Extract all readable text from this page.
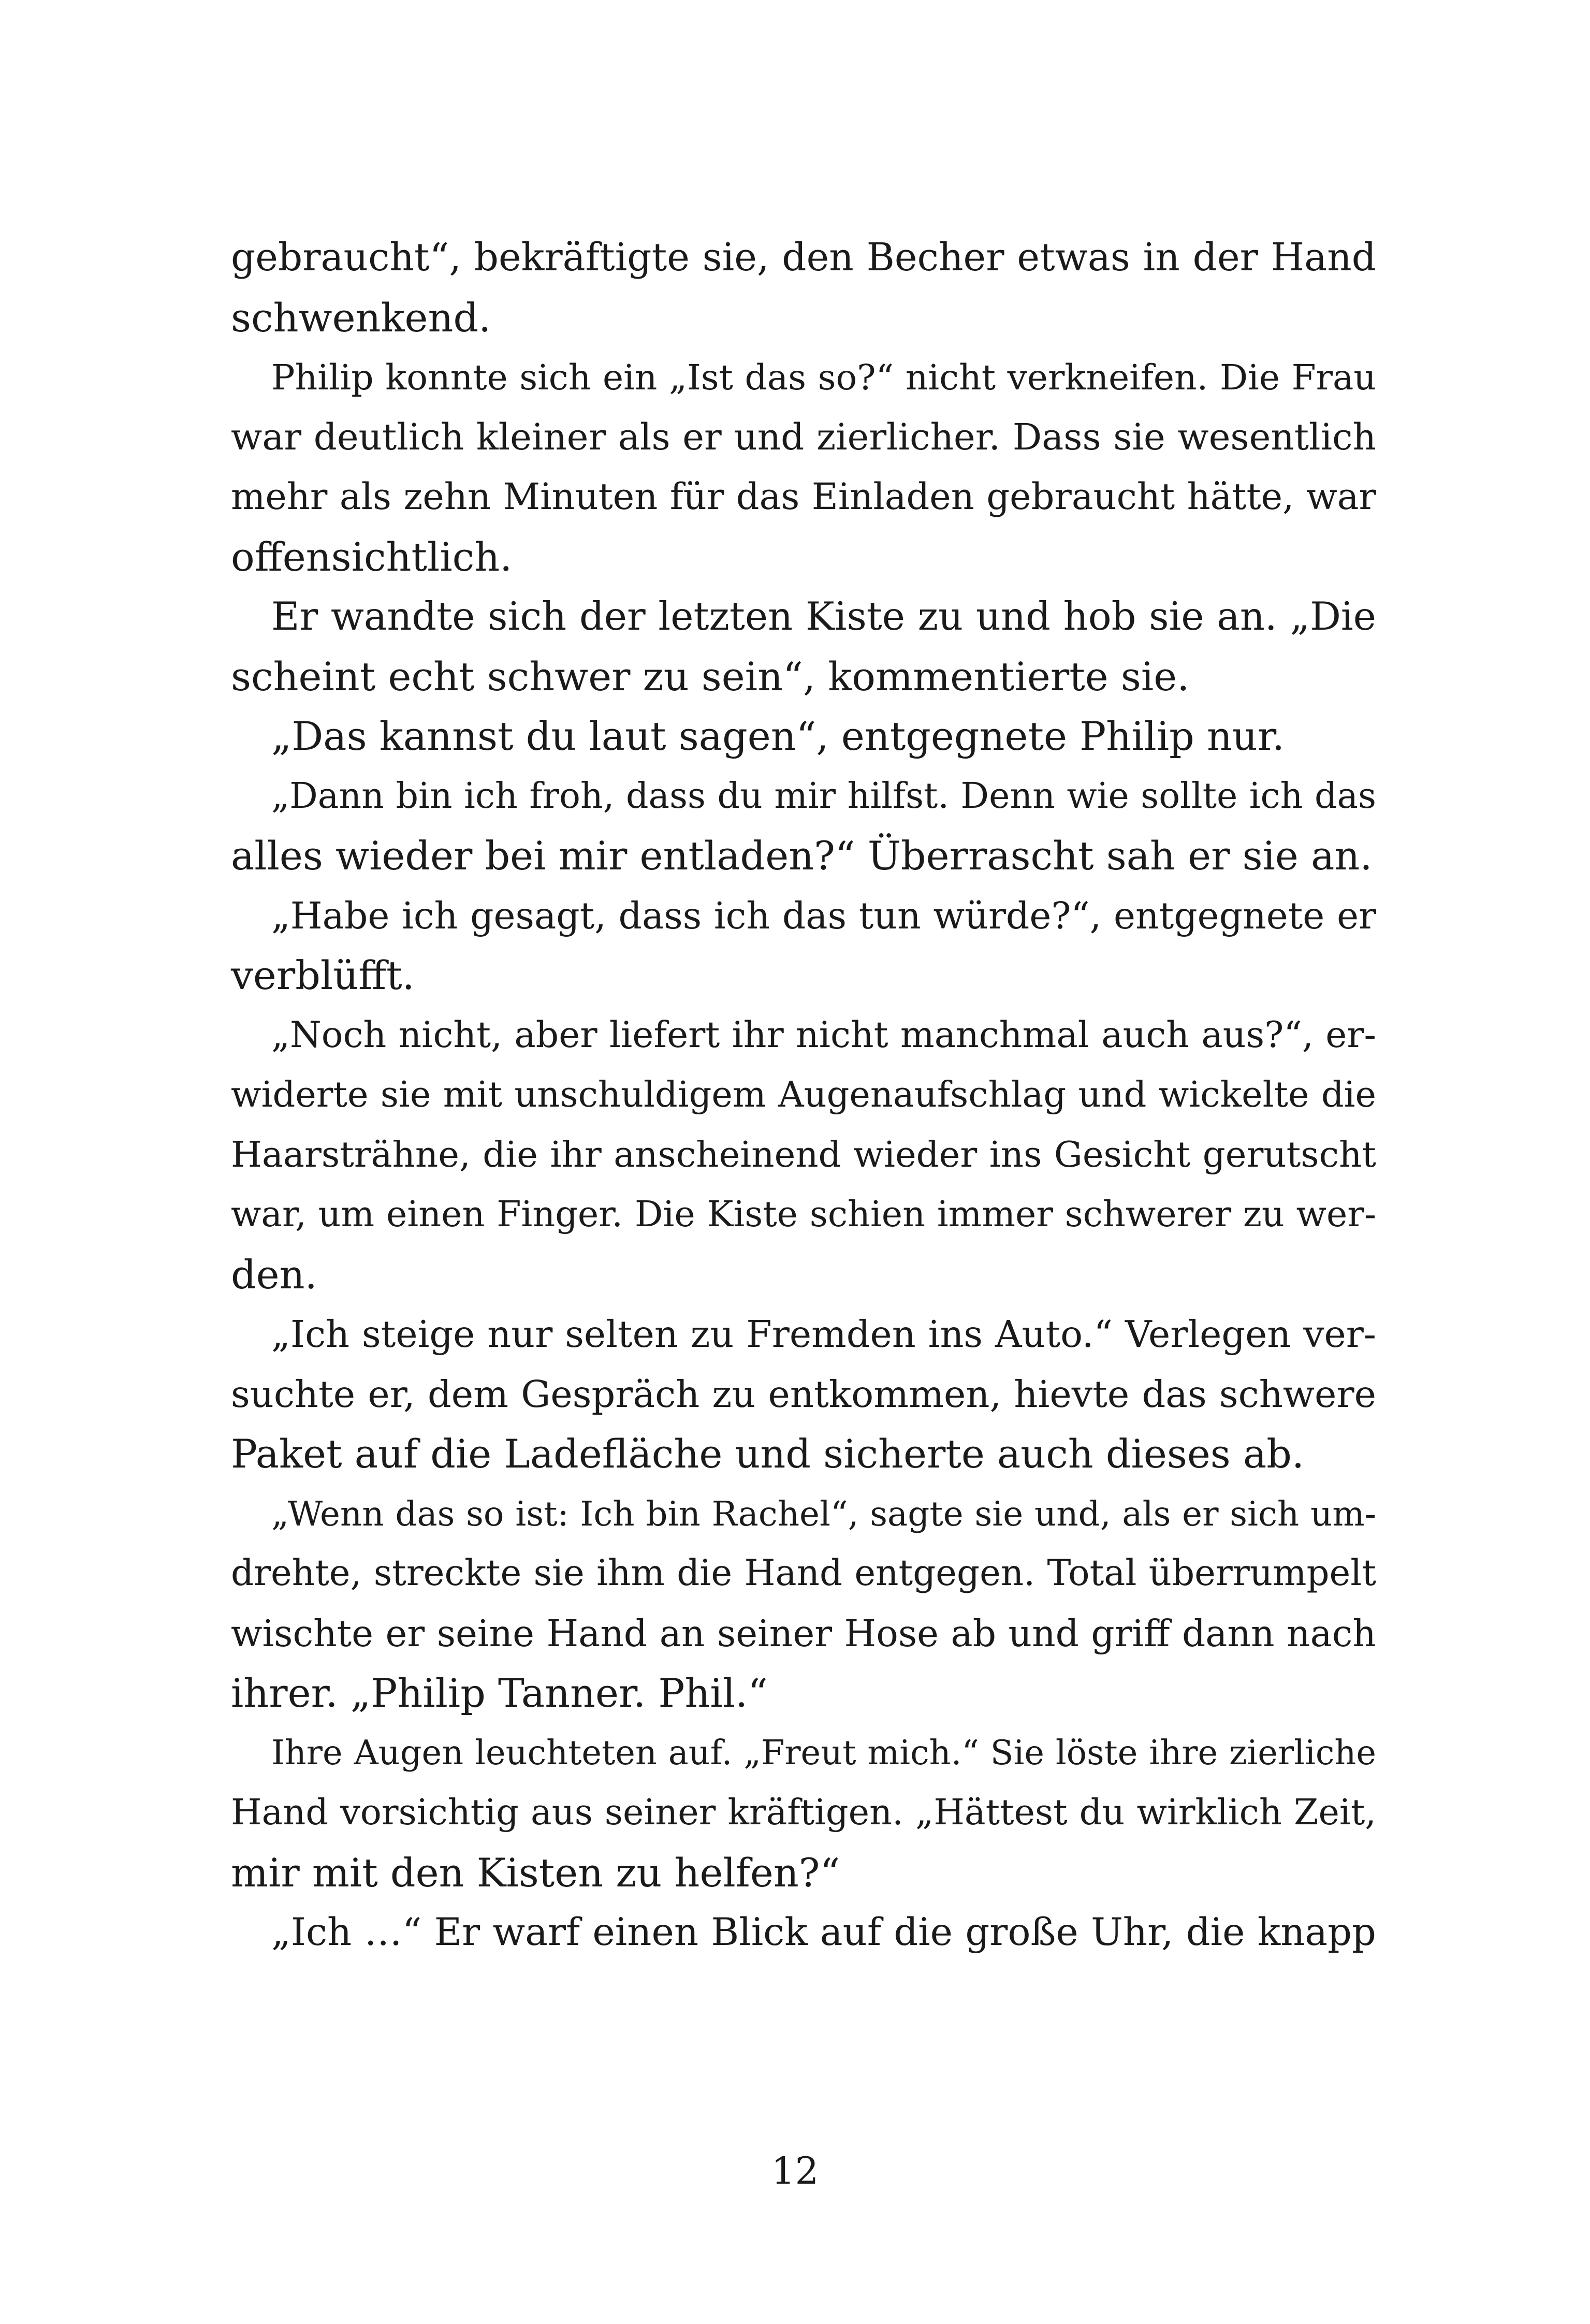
gebraucht“, bekräftigte sie, den Becher etwas in der Hand
schwenkend.
Philip konnte sich ein „Ist das so?“ nicht verkneifen. Die Frau
war deutlich kleiner als er und zierlicher. Dass sie wesentlich
mehr als zehn Minuten für das Einladen gebraucht hätte, war
offensichtlich.
Er wandte sich der letzten Kiste zu und hob sie an. „Die
scheint echt schwer zu sein“, kommentierte sie.
„Das kannst du laut sagen“, entgegnete Philip nur.
„Dann bin ich froh, dass du mir hilfst. Denn wie sollte ich das
alles wieder bei mir entladen?“ Überrascht sah er sie an.
„Habe ich gesagt, dass ich das tun würde?“, entgegnete er
verblüfft.
„Noch nicht, aber liefert ihr nicht manchmal auch aus?“, er-
widerte sie mit unschuldigem Augenaufschlag und wickelte die
Haarsträhne, die ihr anscheinend wieder ins Gesicht gerutscht
war, um einen Finger. Die Kiste schien immer schwerer zu wer-
den.
„Ich steige nur selten zu Fremden ins Auto.“ Verlegen ver-
suchte er, dem Gespräch zu entkommen, hievte das schwere
Paket auf die Ladefläche und sicherte auch dieses ab.
„Wenn das so ist: Ich bin Rachel“, sagte sie und, als er sich um-
drehte, streckte sie ihm die Hand entgegen. Total überrumpelt
wischte er seine Hand an seiner Hose ab und griff dann nach
ihrer. „Philip Tanner. Phil.“
Ihre Augen leuchteten auf. „Freut mich.“ Sie löste ihre zierliche
Hand vorsichtig aus seiner kräftigen. „Hättest du wirklich Zeit,
mir mit den Kisten zu helfen?“
„Ich …“ Er warf einen Blick auf die große Uhr, die knapp
12
